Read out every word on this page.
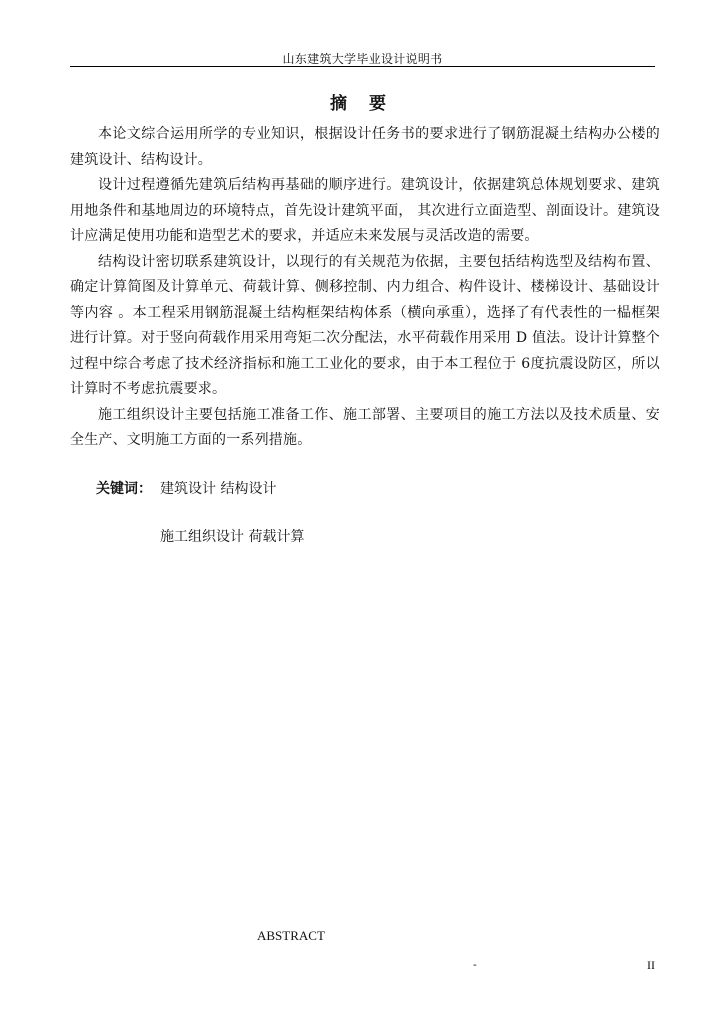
山东建筑大学毕业设计说明书
摘 要

本论文综合运用所学的专业知识，根据设计任务书的要求进行了钢筋混凝土结构办公楼的建筑设计、结构设计。

设计过程遵循先建筑后结构再基础的顺序进行。建筑设计，依据建筑总体规划要求、建筑用地条件和基地周边的环境特点，首先设计建筑平面， 其次进行立面造型、剖面设计。建筑设计应满足使用功能和造型艺术的要求，并适应未来发展与灵活改造的需要。

结构设计密切联系建筑设计，以现行的有关规范为依据，主要包括结构选型及结构布置、确定计算简图及计算单元、荷载计算、侧移控制、内力组合、构件设计、楼梯设计、基础设计等内容 。本工程采用钢筋混凝土结构框架结构体系（横向承重），选择了有代表性的一榀框架进行计算。对于竖向荷载作用采用弯矩二次分配法，水平荷载作用采用 D 值法。设计计算整个过程中综合考虑了技术经济指标和施工工业化的要求，由于本工程位于 6度抗震设防区，所以计算时不考虑抗震要求。

施工组织设计主要包括施工准备工作、施工部署、主要项目的施工方法以及技术质量、安全生产、文明施工方面的一系列措施。

关键词： 建筑设计 结构设计
施工组织设计 荷载计算
ABSTRACT
-	II
